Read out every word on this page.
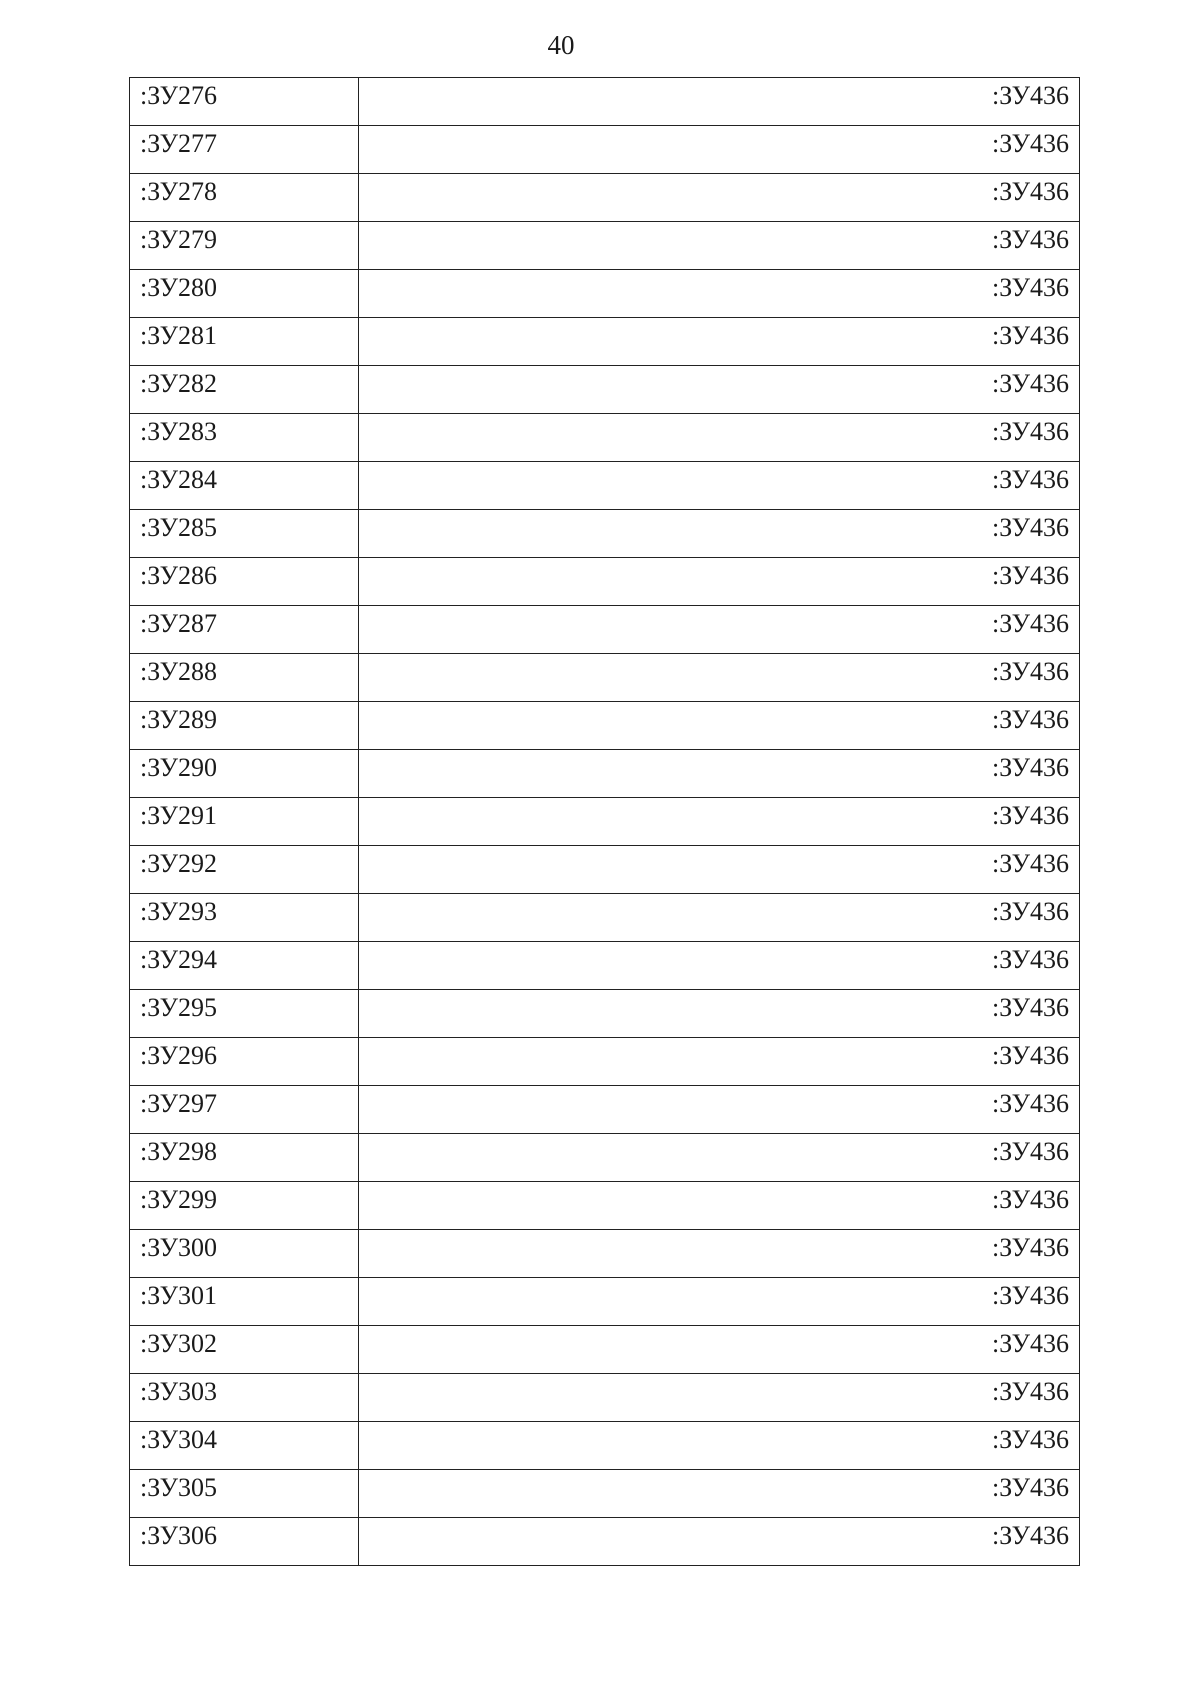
40
:ЗУ276	:ЗУ436
:ЗУ277	:ЗУ436
:ЗУ278	:ЗУ436
:ЗУ279	:ЗУ436
:ЗУ280	:ЗУ436
:ЗУ281	:ЗУ436
:ЗУ282	:ЗУ436
:ЗУ283	:ЗУ436
:ЗУ284	:ЗУ436
:ЗУ285	:ЗУ436
:ЗУ286	:ЗУ436
:ЗУ287	:ЗУ436
:ЗУ288	:ЗУ436
:ЗУ289	:ЗУ436
:ЗУ290	:ЗУ436
:ЗУ291	:ЗУ436
:ЗУ292	:ЗУ436
:ЗУ293	:ЗУ436
:ЗУ294	:ЗУ436
:ЗУ295	:ЗУ436
:ЗУ296	:ЗУ436
:ЗУ297	:ЗУ436
:ЗУ298	:ЗУ436
:ЗУ299	:ЗУ436
:ЗУ300	:ЗУ436
:ЗУ301	:ЗУ436
:ЗУ302	:ЗУ436
:ЗУ303	:ЗУ436
:ЗУ304	:ЗУ436
:ЗУ305	:ЗУ436
:ЗУ306	:ЗУ436
